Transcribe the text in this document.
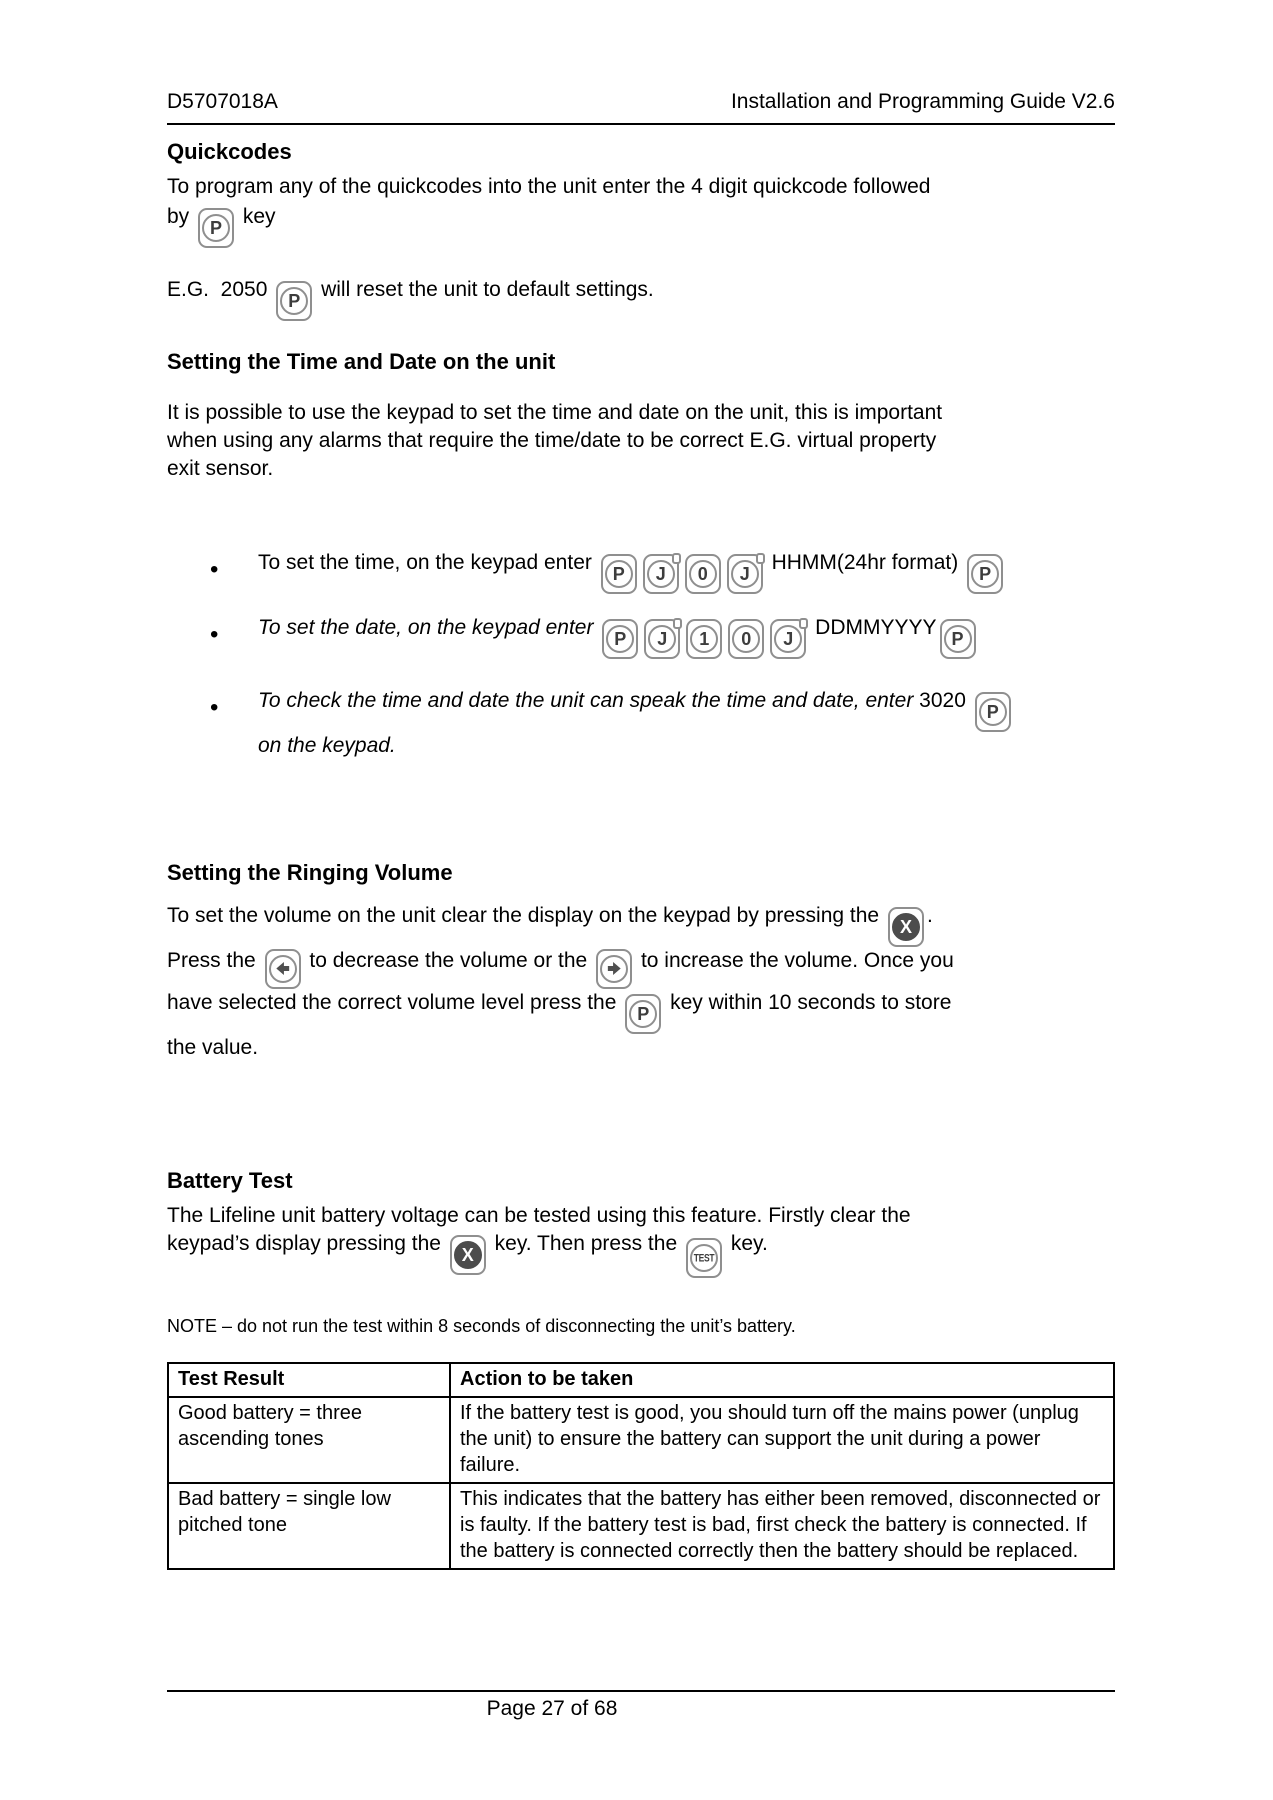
D5707018A	Installation and Programming Guide V2.6
Quickcodes
To program any of the quickcodes into the unit enter the 4 digit quickcode followed
by P key
E.G.  2050 P will reset the unit to default settings.
Setting the Time and Date on the unit
It is possible to use the keypad to set the time and date on the unit, this is important
when using any alarms that require the time/date to be correct E.G. virtual property
exit sensor.
• To set the time, on the keypad enter P J 0 J HHMM(24hr format) P
• To set the date, on the keypad enter P J 1 0 J DDMMYYYY P
• To check the time and date the unit can speak the time and date, enter 3020 P
on the keypad.
Setting the Ringing Volume
To set the volume on the unit clear the display on the keypad by pressing the X .
Press the	to decrease the volume or the	to increase the volume. Once you
have selected the correct volume level press the P key within 10 seconds to store
the value.
Battery Test
The Lifeline unit battery voltage can be tested using this feature. Firstly clear the
keypad’s display pressing the X key. Then press the
TEST
key.
NOTE – do not run the test within 8 seconds of disconnecting the unit’s battery.
Test Result	Action to be taken
Good battery = three ascending tones	If the battery test is good, you should turn off the mains power (unplug the unit) to ensure the battery can support the unit during a power failure.
Bad battery = single low pitched tone	This indicates that the battery has either been removed, disconnected or is faulty. If the battery test is bad, first check the battery is connected. If the battery is connected correctly then the battery should be replaced.
Page 27 of 68
